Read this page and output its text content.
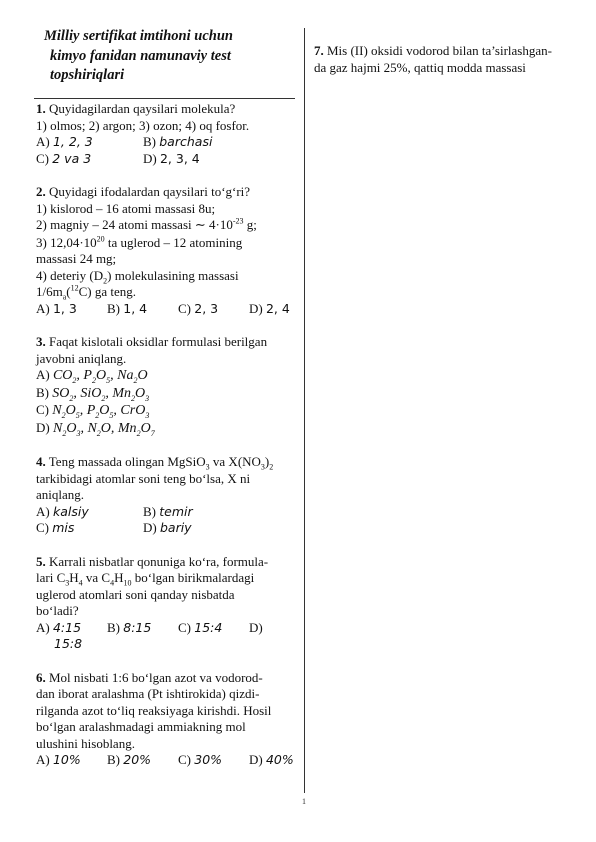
Milliy sertifikat imtihoni uchun
kimyo fanidan namunaviy test
topshiriqlari
1
1. Quyidagilardan qaysilari molekula?
1) olmos; 2) argon; 3) ozon; 4) oq fosfor.
A) 1, 2, 3	B) barchasi
C) 2 va 3	D) 2, 3, 4
2. Quyidagi ifodalardan qaysilari to‘g‘ri?
1) kislorod – 16 atomi massasi 8u;
2) magniy – 24 atomi massasi ∼ $4\cdot 10^{-23}$ g;
3) $12,04\cdot 10^{20}$ ta uglerod – 12 atomining
massasi 24 mg;
4) deteriy $(D_2)$ molekulasining massasi
$1/6m_a(^{12}C)$ ga teng.
A) 1, 3	B) 1, 4	C) 2, 3	D) 2, 4
3. Faqat kislotali oksidlar formulasi berilgan
javobni aniqlang.
A) $CO_2$, $P_2O_5$, $Na_2O$
B) $SO_2$, SiO$_2$, $Mn_2O_3$
C) $N_2O_5$, $P_2O_5$, CrO$_3$
D) $N_2O_3$, $N_2O$, $Mn_2O_7$
4. Teng massada olingan MgSiO$_3$ va $X(NO_3)_2$
tarkibidagi atomlar soni teng bo‘lsa, X ni
aniqlang.
A) kalsiy	B) temir
C) mis	D) bariy
5. Karrali nisbatlar qonuniga ko‘ra, formula-
lari $C_3H_4$ va $C_4H_{10}$ bo‘lgan birikmalardagi
uglerod atomlari soni qanday nisbatda
bo‘ladi?
A) 4:15	B) 8:15	C) 15:4	D)
15:8
6. Mol nisbati 1:6 bo‘lgan azot va vodorod-
dan iborat aralashma (Pt ishtirokida) qizdi-
rilganda azot to‘liq reaksiyaga kirishdi. Hosil
bo‘lgan aralashmadagi ammiakning mol
ulushini hisoblang.
A) 10%	B) 20%	C) 30%	D) 40%
7. Mis (II) oksidi vodorod bilan ta’sirlashgan-
da gaz hajmi 25%, qattiq modda massasi
